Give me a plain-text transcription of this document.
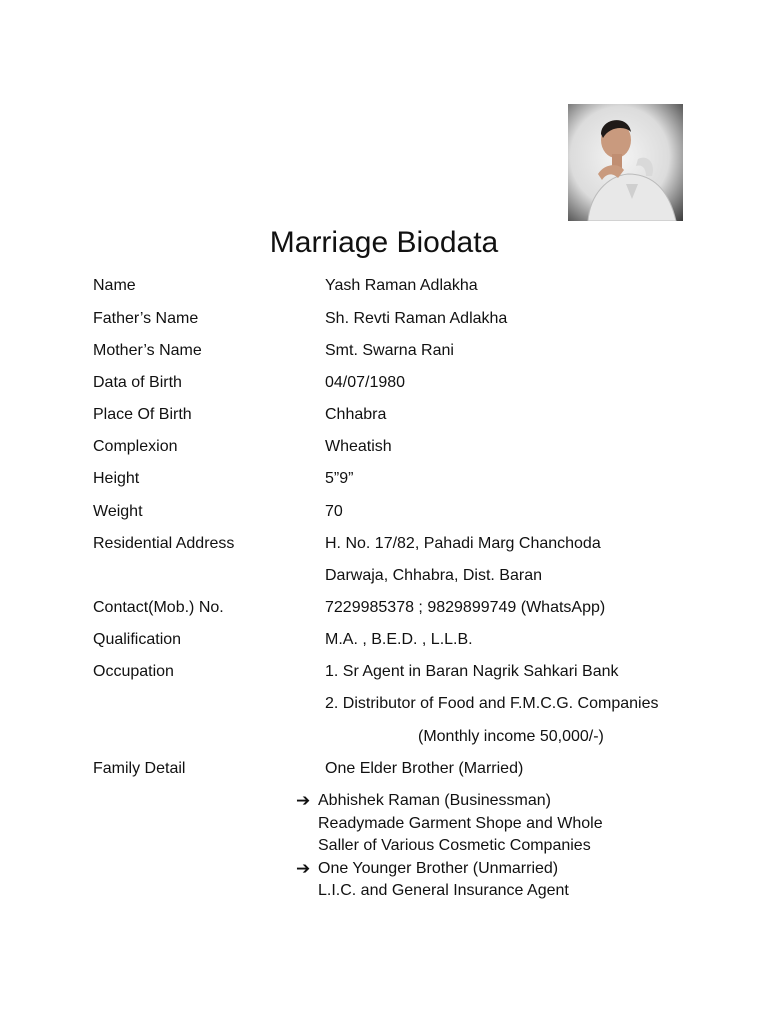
Marriage Biodata
Name	Yash Raman Adlakha
Father’s Name	Sh. Revti Raman Adlakha
Mother’s Name	Smt. Swarna Rani
Data of Birth	04/07/1980
Place Of Birth	Chhabra
Complexion	Wheatish
Height	5”9”
Weight	70
Residential Address	H. No. 17/82, Pahadi Marg Chanchoda
Darwaja, Chhabra, Dist. Baran
Contact(Mob.) No.	7229985378 ; 9829899749 (WhatsApp)
Qualification	M.A. , B.E.D. , L.L.B.
Occupation	1. Sr Agent in Baran Nagrik Sahkari Bank
2. Distributor of Food and F.M.C.G. Companies
(Monthly income 50,000/-)
Family Detail	One Elder Brother (Married)
➔ Abhishek Raman (Businessman)
Readymade Garment Shope and Whole
Saller of Various Cosmetic Companies
➔ One Younger Brother (Unmarried)
L.I.C. and General Insurance Agent
